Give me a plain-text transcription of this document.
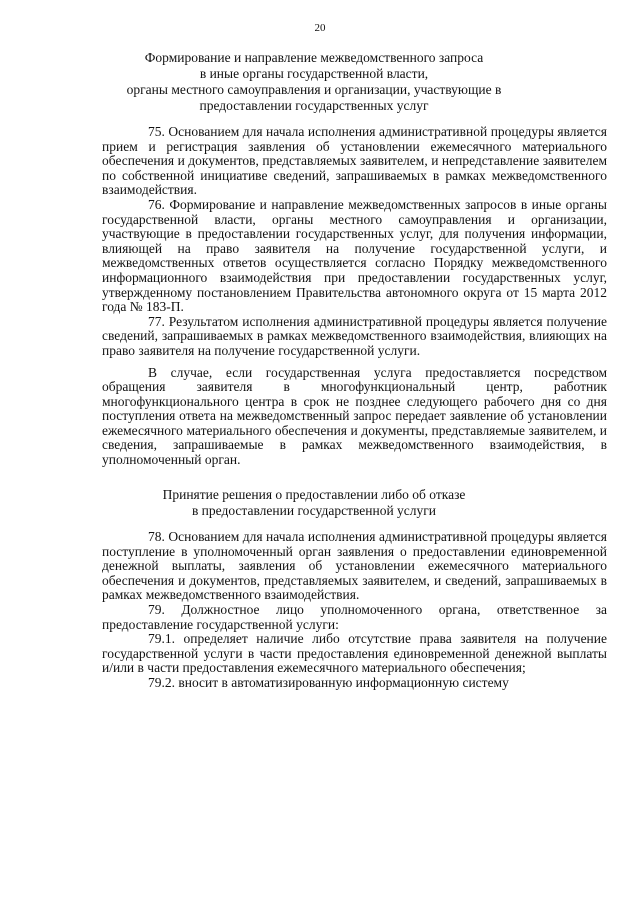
20
Формирование и направление межведомственного запроса
в иные органы государственной власти,
органы местного самоуправления и организации, участвующие в
предоставлении государственных услуг

75. Основанием для начала исполнения административной процедуры является прием и регистрация заявления об установлении ежемесячного материального обеспечения и документов, представляемых заявителем, и непредставление заявителем по собственной инициативе сведений, запрашиваемых в рамках межведомственного взаимодействия.

76. Формирование и направление межведомственных запросов в иные органы государственной власти, органы местного самоуправления и организации, участвующие в предоставлении государственных услуг, для получения информации, влияющей на право заявителя на получение государственной услуги, и межведомственных ответов осуществляется согласно Порядку межведомственного информационного взаимодействия при предоставлении государственных услуг, утвержденному постановлением Правительства автономного округа от 15 марта 2012 года № 183-П.

77. Результатом исполнения административной процедуры является получение сведений, запрашиваемых в рамках межведомственного взаимодействия, влияющих на право заявителя на получение государственной услуги.

В случае, если государственная услуга предоставляется посредством обращения заявителя в многофункциональный центр, работник многофункционального центра в срок не позднее следующего рабочего дня со дня поступления ответа на межведомственный запрос передает заявление об установлении ежемесячного материального обеспечения и документы, представляемые заявителем, и сведения, запрашиваемые в рамках межведомственного взаимодействия, в уполномоченный орган.

Принятие решения о предоставлении либо об отказе
в предоставлении государственной услуги

78. Основанием для начала исполнения административной процедуры является поступление в уполномоченный орган заявления о предоставлении единовременной денежной выплаты, заявления об установлении ежемесячного материального обеспечения и документов, представляемых заявителем, и сведений, запрашиваемых в рамках межведомственного взаимодействия.

79. Должностное лицо уполномоченного органа, ответственное за предоставление государственной услуги:

79.1. определяет наличие либо отсутствие права заявителя на получение государственной услуги в части предоставления единовременной денежной выплаты и/или в части предоставления ежемесячного материального обеспечения;

79.2. вносит в автоматизированную информационную систему
